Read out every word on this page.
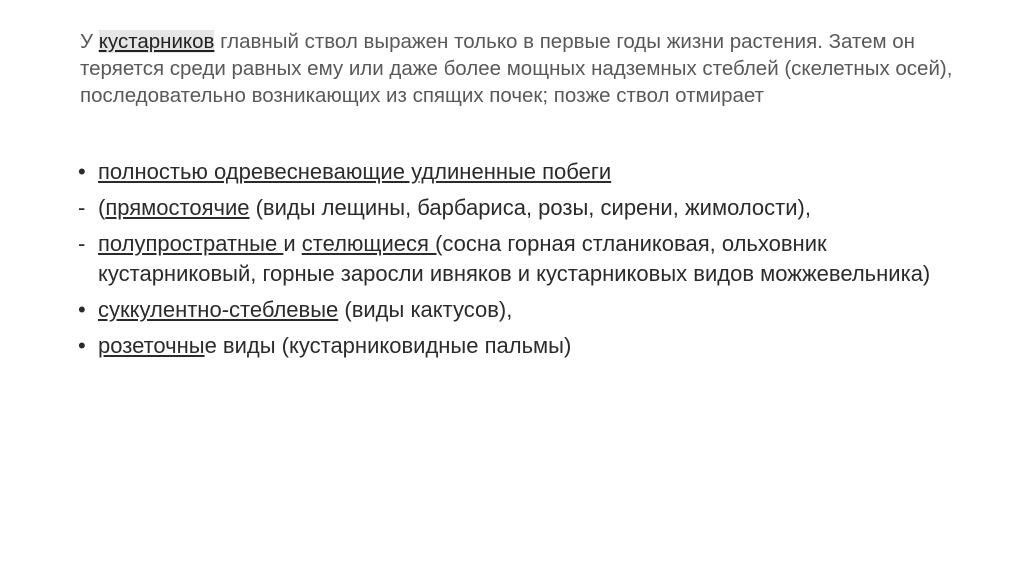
У кустарников главный ствол выражен только в первые годы жизни растения. Затем он теряется среди равных ему или даже более мощных надземных стеблей (скелетных осей), последовательно возникающих из спящих почек; позже ствол отмирает
• полностью одревесневающие удлиненные побеги
- (прямостоячие (виды лещины, барбариса, розы, сирени, жимолости),
- полупростратные и стелющиеся (сосна горная стланиковая, ольховник кустарниковый, горные заросли ивняков и кустарниковых видов можжевельника)
• суккулентно-стеблевые (виды кактусов),
• розеточные виды (кустарниковидные пальмы)
